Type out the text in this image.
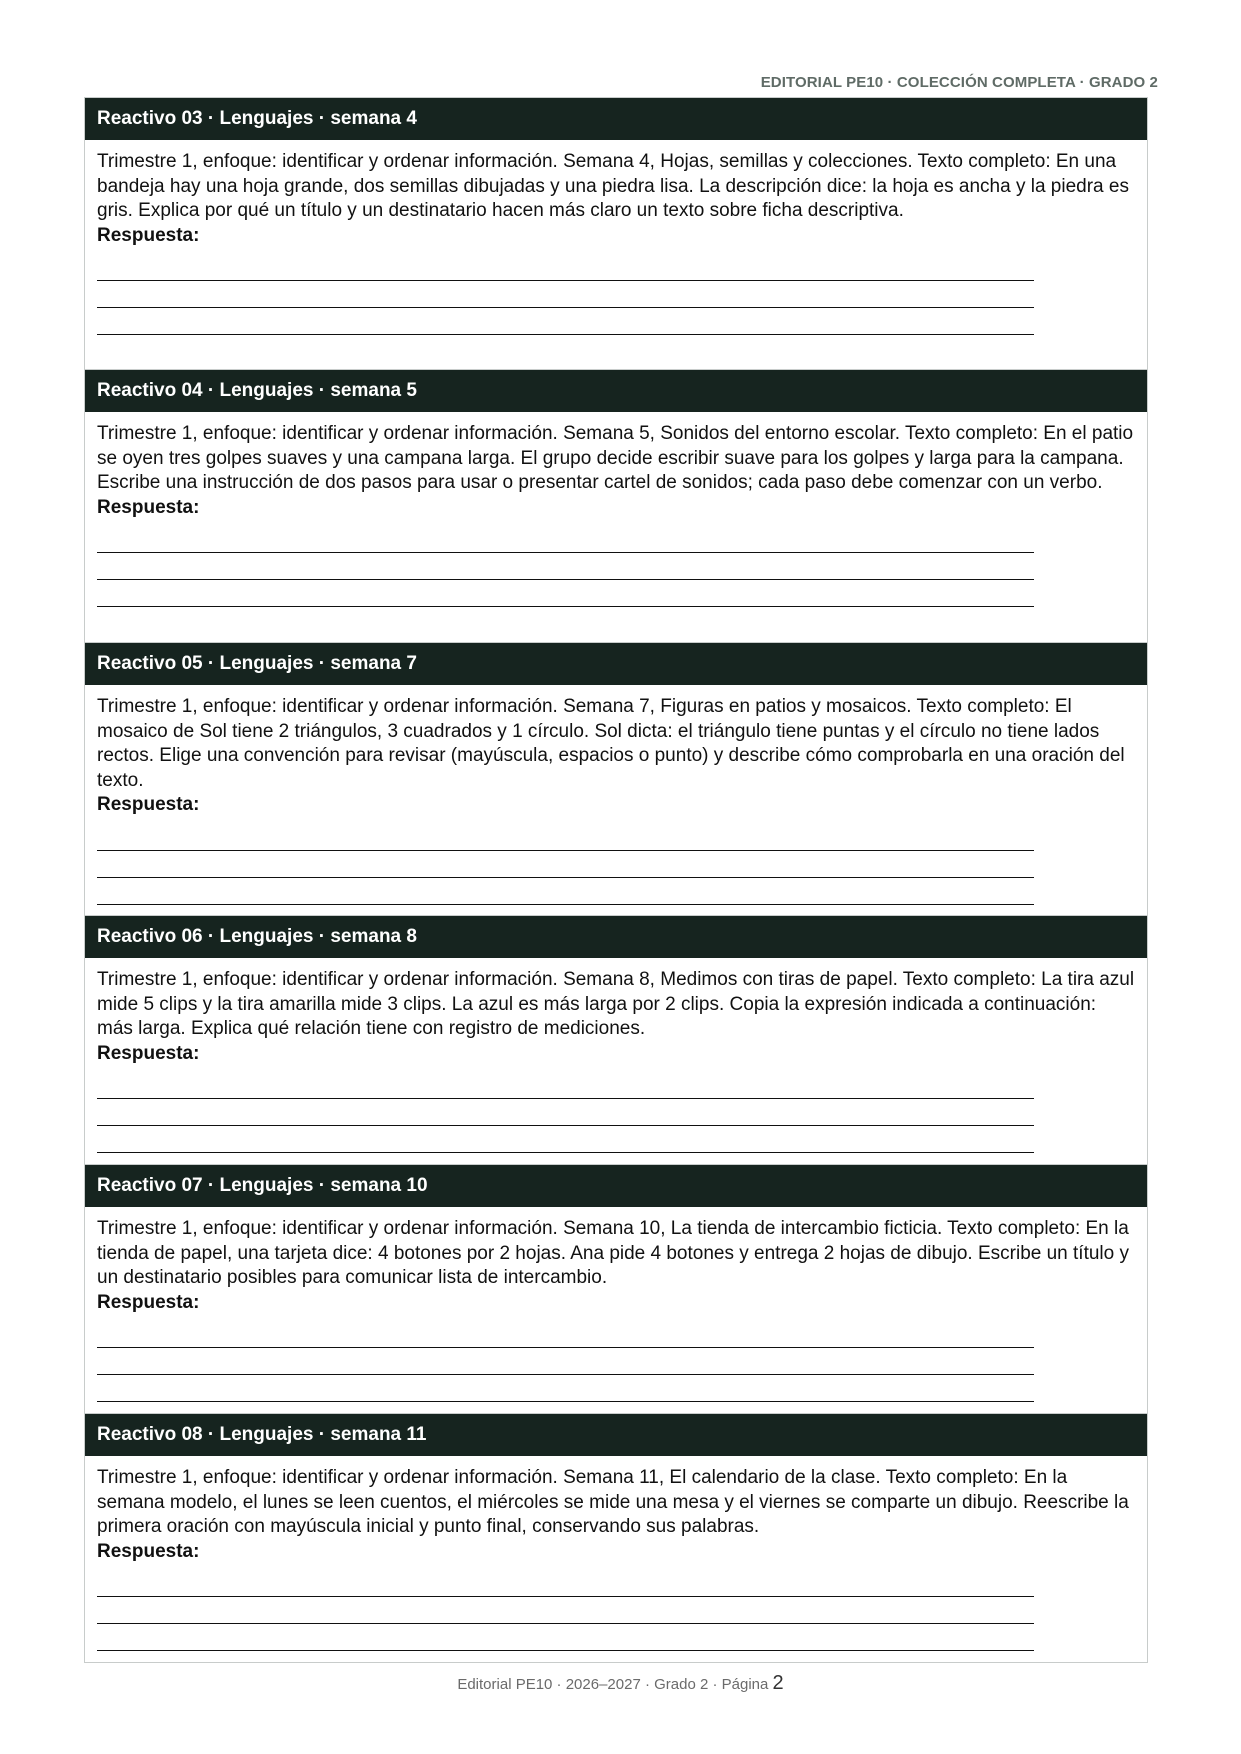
EDITORIAL PE10 · COLECCIÓN COMPLETA · GRADO 2
Reactivo 03 · Lenguajes · semana 4

Trimestre 1, enfoque: identificar y ordenar información. Semana 4, Hojas, semillas y colecciones. Texto completo: En una bandeja hay una hoja grande, dos semillas dibujadas y una piedra lisa. La descripción dice: la hoja es ancha y la piedra es gris. Explica por qué un título y un destinatario hacen más claro un texto sobre ficha descriptiva.

Respuesta:

Reactivo 04 · Lenguajes · semana 5

Trimestre 1, enfoque: identificar y ordenar información. Semana 5, Sonidos del entorno escolar. Texto completo: En el patio se oyen tres golpes suaves y una campana larga. El grupo decide escribir suave para los golpes y larga para la campana. Escribe una instrucción de dos pasos para usar o presentar cartel de sonidos; cada paso debe comenzar con un verbo.

Respuesta:

Reactivo 05 · Lenguajes · semana 7

Trimestre 1, enfoque: identificar y ordenar información. Semana 7, Figuras en patios y mosaicos. Texto completo: El mosaico de Sol tiene 2 triángulos, 3 cuadrados y 1 círculo. Sol dicta: el triángulo tiene puntas y el círculo no tiene lados rectos. Elige una convención para revisar (mayúscula, espacios o punto) y describe cómo comprobarla en una oración del texto.

Respuesta:

Reactivo 06 · Lenguajes · semana 8

Trimestre 1, enfoque: identificar y ordenar información. Semana 8, Medimos con tiras de papel. Texto completo: La tira azul mide 5 clips y la tira amarilla mide 3 clips. La azul es más larga por 2 clips. Copia la expresión indicada a continuación: más larga. Explica qué relación tiene con registro de mediciones.

Respuesta:

Reactivo 07 · Lenguajes · semana 10

Trimestre 1, enfoque: identificar y ordenar información. Semana 10, La tienda de intercambio ficticia. Texto completo: En la tienda de papel, una tarjeta dice: 4 botones por 2 hojas. Ana pide 4 botones y entrega 2 hojas de dibujo. Escribe un título y un destinatario posibles para comunicar lista de intercambio.

Respuesta:

Reactivo 08 · Lenguajes · semana 11

Trimestre 1, enfoque: identificar y ordenar información. Semana 11, El calendario de la clase. Texto completo: En la semana modelo, el lunes se leen cuentos, el miércoles se mide una mesa y el viernes se comparte un dibujo. Reescribe la primera oración con mayúscula inicial y punto final, conservando sus palabras.

Respuesta:

Editorial PE10 · 2026–2027 · Grado 2 · Página 2
